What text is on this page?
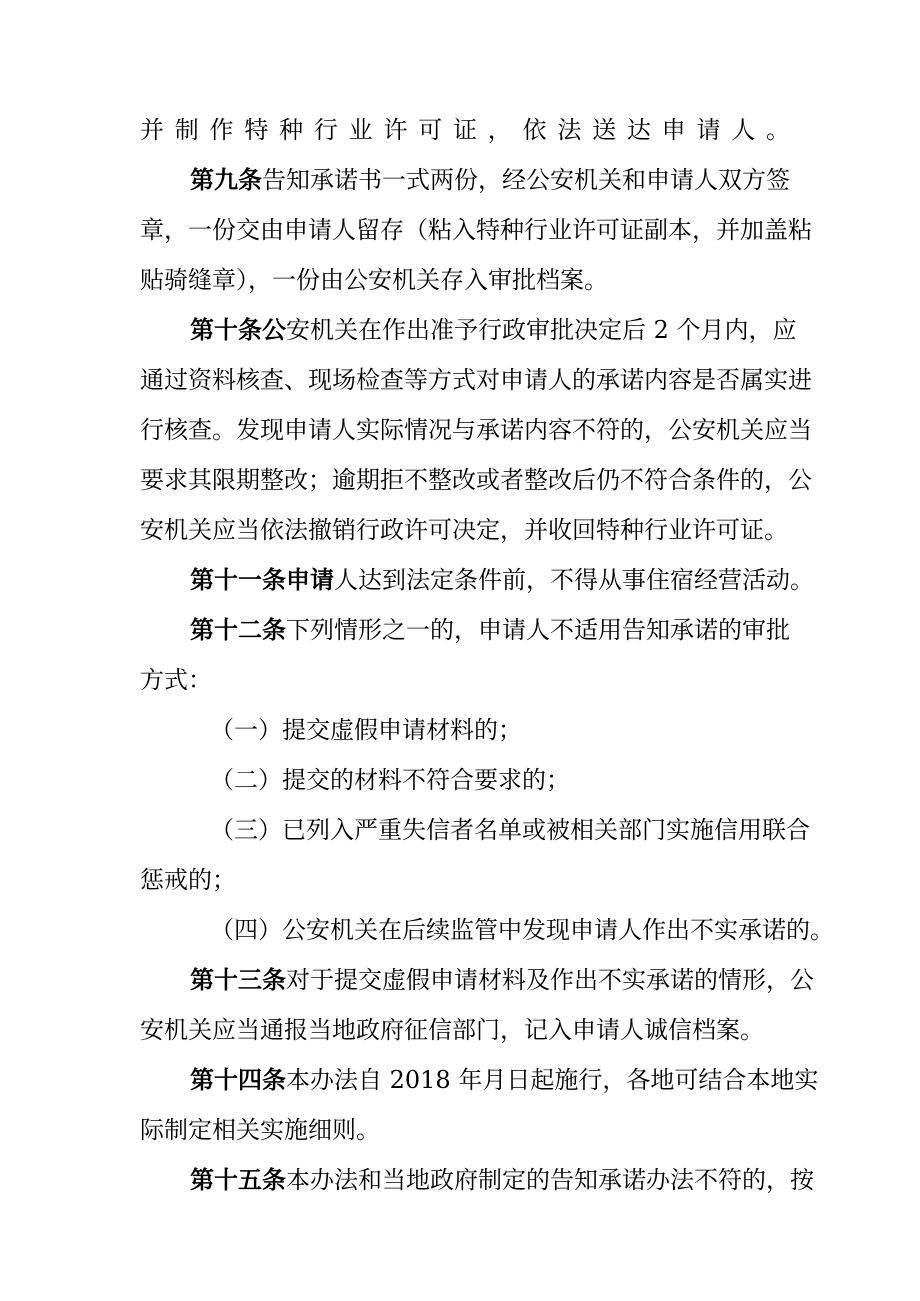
并制作特种行业许可证，依法送达申请人。
第九条告知承诺书一式两份，经公安机关和申请人双方签
章，一份交由申请人留存（粘入特种行业许可证副本，并加盖粘
贴骑缝章），一份由公安机关存入审批档案。
第十条公安机关在作出准予行政审批决定后 2 个月内，应
通过资料核查、现场检查等方式对申请人的承诺内容是否属实进
行核查。发现申请人实际情况与承诺内容不符的，公安机关应当
要求其限期整改；逾期拒不整改或者整改后仍不符合条件的，公
安机关应当依法撤销行政许可决定，并收回特种行业许可证。
第十一条申请人达到法定条件前，不得从事住宿经营活动。
第十二条下列情形之一的，申请人不适用告知承诺的审批
方式：
（一）提交虚假申请材料的；
（二）提交的材料不符合要求的；
（三）已列入严重失信者名单或被相关部门实施信用联合
惩戒的；
（四）公安机关在后续监管中发现申请人作出不实承诺的。
第十三条对于提交虚假申请材料及作出不实承诺的情形，公
安机关应当通报当地政府征信部门，记入申请人诚信档案。
第十四条本办法自 2018 年月日起施行，各地可结合本地实
际制定相关实施细则。
第十五条本办法和当地政府制定的告知承诺办法不符的，按
